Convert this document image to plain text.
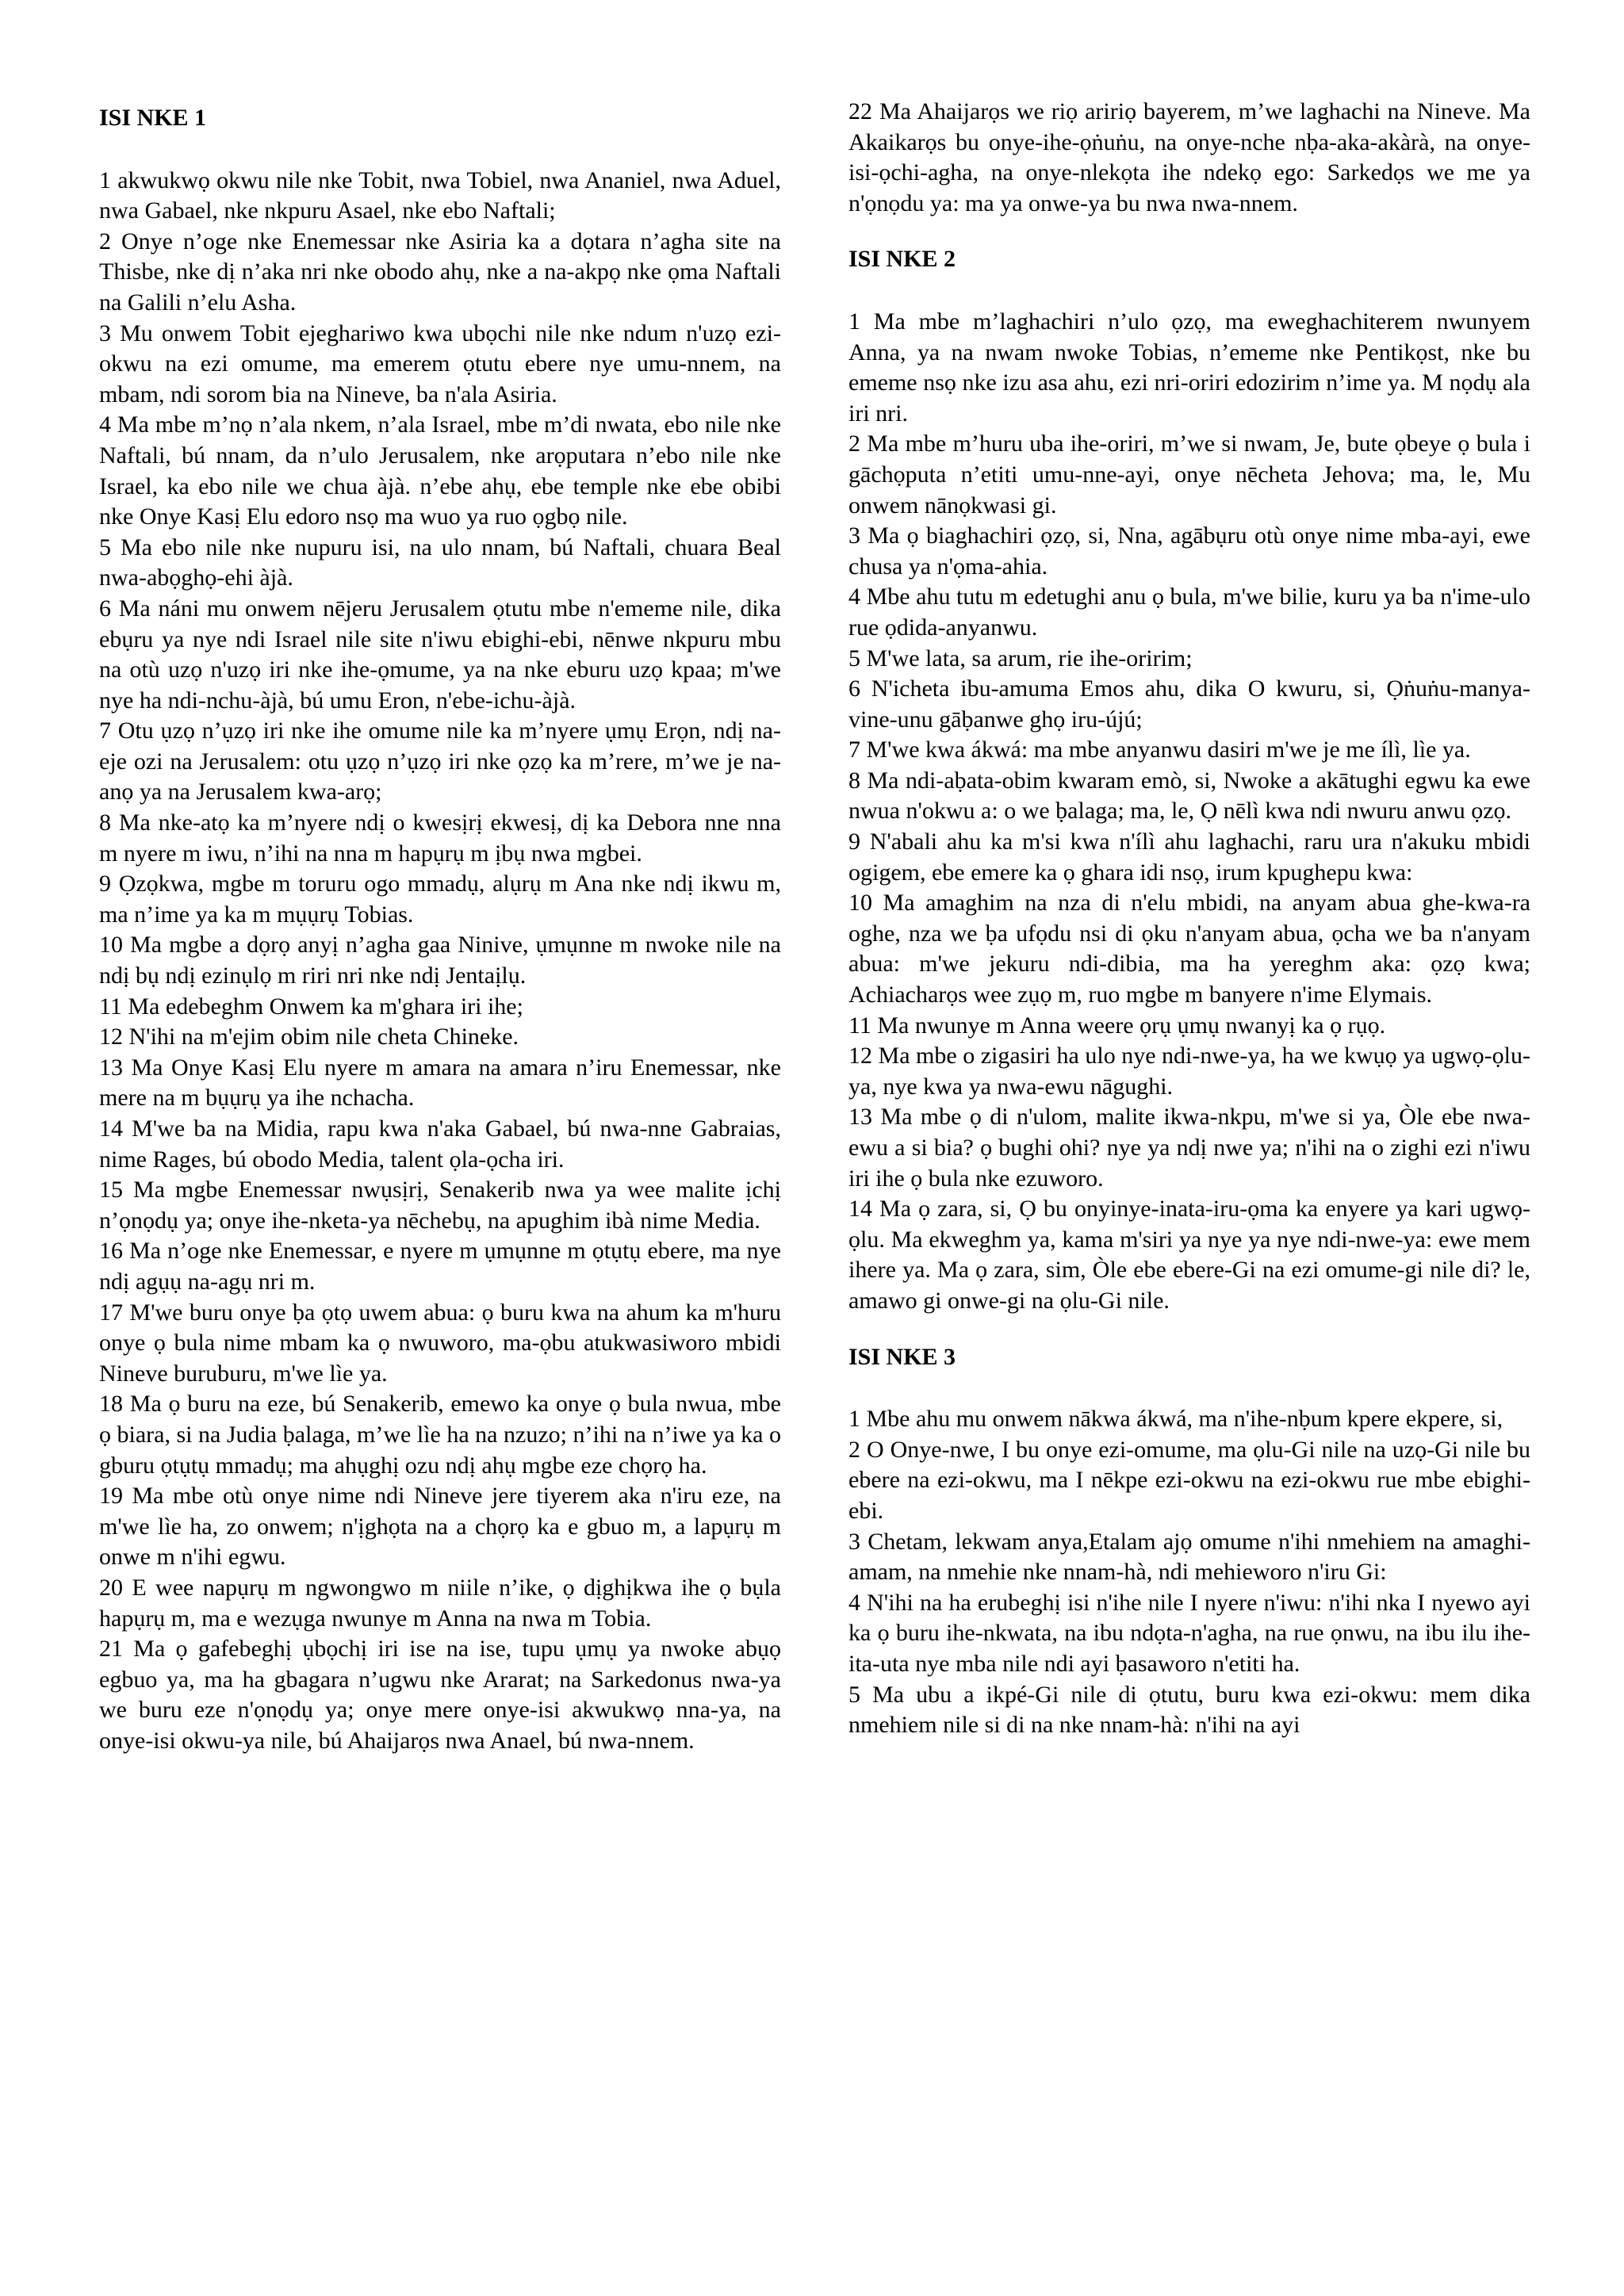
ISI NKE 1

1 akwukwọ okwu nile nke Tobit, nwa Tobiel, nwa Ananiel, nwa Aduel, nwa Gabael, nke nkpuru Asael, nke ebo Naftali;

2 Onye n’oge nke Enemessar nke Asiria ka a dọtara n’agha site na Thisbe, nke dị n’aka nri nke obodo ahụ, nke a na-akpọ nke ọma Naftali na Galili n’elu Asha.

3 Mu onwem Tobit ejeghariwo kwa ubọchi nile nke ndum n'uzọ ezi-okwu na ezi omume, ma emerem ọtutu ebere nye umu-nnem, na mbam, ndi sorom bia na Nineve, ba n'ala Asiria.

4 Ma mbe m’nọ n’ala nkem, n’ala Israel, mbe m’di nwata, ebo nile nke Naftali, bú nnam, da n’ulo Jerusalem, nke arọputara n’ebo nile nke Israel, ka ebo nile we chua àjà. n’ebe ahụ, ebe temple nke ebe obibi nke Onye Kasị Elu edoro nsọ ma wuo ya ruo ọgbọ nile.

5 Ma ebo nile nke nupuru isi, na ulo nnam, bú Naftali, chuara Beal nwa-abọghọ-ehi àjà.

6 Ma náni mu onwem nējeru Jerusalem ọtutu mbe n'ememe nile, dika ebụru ya nye ndi Israel nile site n'iwu ebighi-ebi, nēnwe nkpuru mbu na otù uzọ n'uzọ iri nke ihe-ọmume, ya na nke eburu uzọ kpaa; m'we nye ha ndi-nchu-àjà, bú umu Eron, n'ebe-ichu-àjà.

7 Otu ụzọ n’ụzọ iri nke ihe omume nile ka m’nyere ụmụ Erọn, ndị na-eje ozi na Jerusalem: otu ụzọ n’ụzọ iri nke ọzọ ka m’rere, m’we je na-anọ ya na Jerusalem kwa-arọ;

8 Ma nke-atọ ka m’nyere ndị o kwesịrị ekwesị, dị ka Debora nne nna m nyere m iwu, n’ihi na nna m hapụrụ m ịbụ nwa mgbei.

9 Ọzọkwa, mgbe m toruru ogo mmadụ, alụrụ m Ana nke ndị ikwu m, ma n’ime ya ka m mụụrụ Tobias.

10 Ma mgbe a dọrọ anyị n’agha gaa Ninive, ụmụnne m nwoke nile na ndị bụ ndị ezinụlọ m riri nri nke ndị Jentaịlụ.

11 Ma edebeghm Onwem ka m'ghara iri ihe;

12 N'ihi na m'ejim obim nile cheta Chineke.

13 Ma Onye Kasị Elu nyere m amara na amara n’iru Enemessar, nke mere na m bụụrụ ya ihe nchacha.

14 M'we ba na Midia, rapu kwa n'aka Gabael, bú nwa-nne Gabraias, nime Rages, bú obodo Media, talent ọla-ọcha iri.

15 Ma mgbe Enemessar nwụsịrị, Senakerib nwa ya wee malite ịchị n’ọnọdụ ya; onye ihe-nketa-ya nēchebụ, na apughim ibà nime Media.

16 Ma n’oge nke Enemessar, e nyere m ụmụnne m ọtụtụ ebere, ma nye ndị agụụ na-agụ nri m.

17 M'we buru onye ḅa ọtọ uwem abua: ọ buru kwa na ahum ka m'huru onye ọ bula nime mbam ka ọ nwuworo, ma-ọbu atukwasiworo mbidi Nineve buruburu, m'we lìe ya.

18 Ma ọ buru na eze, bú Senakerib, emewo ka onye ọ bula nwua, mbe ọ biara, si na Judia ḅalaga, m’we lìe ha na nzuzo; n’ihi na n’iwe ya ka o gburu ọtụtụ mmadụ; ma ahụghị ozu ndị ahụ mgbe eze chọrọ ha.

19 Ma mbe otù onye nime ndi Nineve jere tiyerem aka n'iru eze, na m'we lìe ha, zo onwem; n'ịghọta na a chọrọ ka e gbuo m, a lapụrụ m onwe m n'ihi egwu.

20 E wee napụrụ m ngwongwo m niile n’ike, ọ dịghịkwa ihe ọ bụla hapụrụ m, ma e wezụga nwunye m Anna na nwa m Tobia.

21 Ma ọ gafebeghị ụbọchị iri ise na ise, tupu ụmụ ya nwoke abụọ egbuo ya, ma ha gbagara n’ugwu nke Ararat; na Sarkedonus nwa-ya we buru eze n'ọnọdụ ya; onye mere onye-isi akwukwọ nna-ya, na onye-isi okwu-ya nile, bú Ahaijarọs nwa Anael, bú nwa-nnem.

22 Ma Ahaijarọs we riọ aririọ bayerem, m’we laghachi na Nineve. Ma Akaikarọs bu onye-ihe-ọṅuṅu, na onye-nche nḅa-aka-akàrà, na onye-isi-ọchi-agha, na onye-nlekọta ihe ndekọ ego: Sarkedọs we me ya n'ọnọdu ya: ma ya onwe-ya bu nwa nwa-nnem.

ISI NKE 2

1 Ma mbe m’laghachiri n’ulo ọzọ, ma eweghachiterem nwunyem Anna, ya na nwam nwoke Tobias, n’ememe nke Pentikọst, nke bu ememe nsọ nke izu asa ahu, ezi nri-oriri edozirim n’ime ya. M nọdụ ala iri nri.

2 Ma mbe m’huru uba ihe-oriri, m’we si nwam, Je, bute ọbeye ọ bula i gāchọputa n’etiti umu-nne-ayi, onye nēcheta Jehova; ma, le, Mu onwem nānọkwasi gi.

3 Ma ọ biaghachiri ọzọ, si, Nna, agābụru otù onye nime mba-ayi, ewe chusa ya n'ọma-ahia.

4 Mbe ahu tutu m edetughi anu ọ bula, m'we bilie, kuru ya ba n'ime-ulo rue ọdida-anyanwu.

5 M'we lata, sa arum, rie ihe-oririm;

6 N'icheta ibu-amuma Emos ahu, dika O kwuru, si, Ọṅuṅu-manya-vine-unu gāḅanwe ghọ iru-újú;

7 M'we kwa ákwá: ma mbe anyanwu dasiri m'we je me ílì, lìe ya.

8 Ma ndi-aḅata-obim kwaram emò, si, Nwoke a akātughi egwu ka ewe nwua n'okwu a: o we ḅalaga; ma, le, Ọ nēlì kwa ndi nwuru anwu ọzọ.

9 N'abali ahu ka m'si kwa n'ílì ahu laghachi, raru ura n'akuku mbidi ogigem, ebe emere ka ọ ghara idi nsọ, irum kpughepu kwa:

10 Ma amaghim na nza di n'elu mbidi, na anyam abua ghe-kwa-ra oghe, nza we ḅa ufọdu nsi di ọku n'anyam abua, ọcha we ba n'anyam abua: m'we jekuru ndi-dibia, ma ha yereghm aka: ọzọ kwa; Achiacharọs wee zụọ m, ruo mgbe m banyere n'ime Elymais.

11 Ma nwunye m Anna weere ọrụ ụmụ nwanyị ka ọ rụọ.

12 Ma mbe o zigasiri ha ulo nye ndi-nwe-ya, ha we kwụọ ya ugwọ-ọlu-ya, nye kwa ya nwa-ewu nāgughi.

13 Ma mbe ọ di n'ulom, malite ikwa-nkpu, m'we si ya, Òle ebe nwa-ewu a si bia? ọ bughi ohi? nye ya ndị nwe ya; n'ihi na o zighi ezi n'iwu iri ihe ọ bula nke ezuworo.

14 Ma ọ zara, si, Ọ bu onyinye-inata-iru-ọma ka enyere ya kari ugwọ-ọlu. Ma ekweghm ya, kama m'siri ya nye ya nye ndi-nwe-ya: ewe mem ihere ya. Ma ọ zara, sim, Òle ebe ebere-Gi na ezi omume-gi nile di? le, amawo gi onwe-gi na ọlu-Gi nile.

ISI NKE 3

1 Mbe ahu mu onwem nākwa ákwá, ma n'ihe-nḅum kpere ekpere, si,

2 O Onye-nwe, I bu onye ezi-omume, ma ọlu-Gi nile na uzọ-Gi nile bu ebere na ezi-okwu, ma I nēkpe ezi-okwu na ezi-okwu rue mbe ebighi-ebi.

3 Chetam, lekwam anya,Etalam ajọ omume n'ihi nmehiem na amaghi-amam, na nmehie nke nnam-hà, ndi mehieworo n'iru Gi:

4 N'ihi na ha erubeghị isi n'ihe nile I nyere n'iwu: n'ihi nka I nyewo ayi ka ọ buru ihe-nkwata, na ibu ndọta-n'agha, na rue ọnwu, na ibu ilu ihe-ita-uta nye mba nile ndi ayi ḅasaworo n'etiti ha.

5 Ma ubu a ikpé-Gi nile di ọtutu, buru kwa ezi-okwu: mem dika nmehiem nile si di na nke nnam-hà: n'ihi na ayi
